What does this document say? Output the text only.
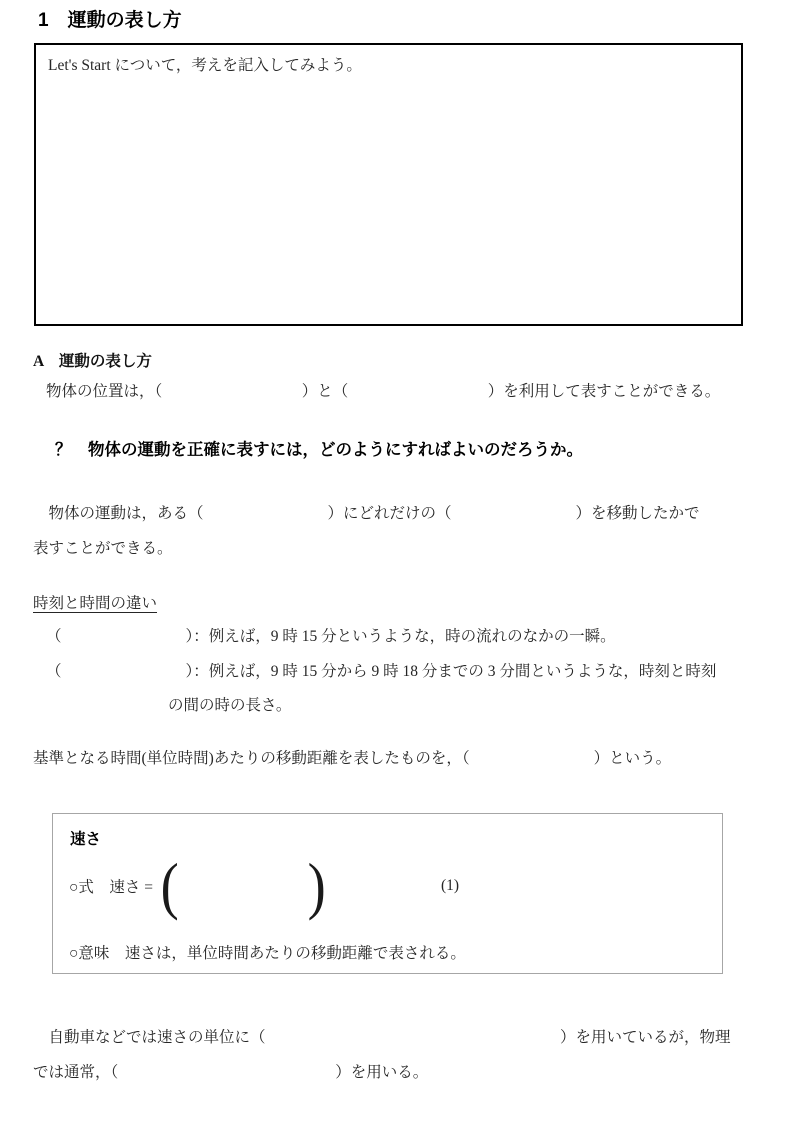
1　運動の表し方

Let's Start について，考えを記入してみよう。

A　運動の表し方
物体の位置は，（　　　　　　　　　）と（　　　　　　　　　）を利用して表すことができる。
？　物体の運動を正確に表すには，どのようにすればよいのだろうか。
　物体の運動は，ある（　　　　　　　　）にどれだけの（　　　　　　　　）を移動したかで
表すことができる。
時刻と時間の違い
（　　　　　　　　）：例えば，9 時 15 分というような，時の流れのなかの一瞬。
（　　　　　　　　）：例えば，9 時 15 分から 9 時 18 分までの 3 分間というような，時刻と時刻
の間の時の長さ。
基準となる時間(単位時間)あたりの移動距離を表したものを，（　　　　　　　　）という。

速さ

○式　速さ =

(

)

	(1)

○意味　速さは，単位時間あたりの移動距離で表される。

　自動車などでは速さの単位に（　　　　　　　　　　　　　　　　　　　）を用いているが，物理
では通常，（　　　　　　　　　　　　　　）を用いる。
